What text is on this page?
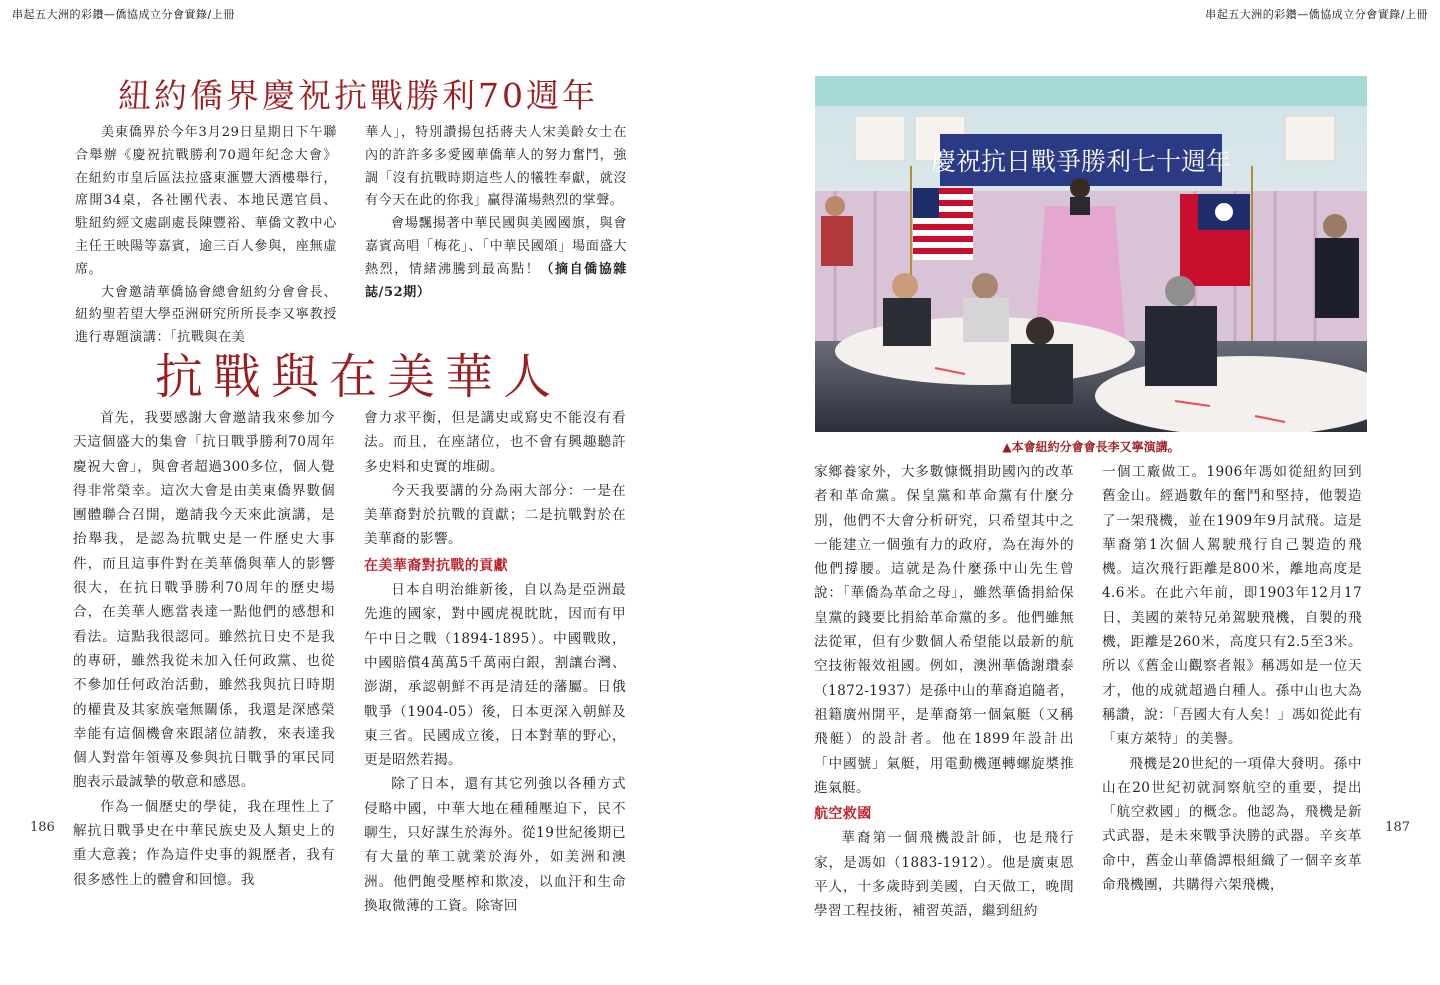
串起五大洲的彩鑽—僑協成立分會實錄/上冊
紐約僑界慶祝抗戰勝利70週年

美東僑界於今年3月29日星期日下午聯合舉辦《慶祝抗戰勝利70週年紀念大會》在紐約市皇后區法拉盛東滙豐大酒樓舉行，席開34桌，各社團代表、本地民選官員、駐紐約經文處副處長陳豐裕、華僑文教中心主任王映陽等嘉賓，逾三百人參與，座無虛席。

大會邀請華僑協會總會紐約分會會長、紐約聖若望大學亞洲研究所所長李又寧教授進行專題演講：「抗戰與在美

華人」，特別讚揚包括蔣夫人宋美齡女士在內的許許多多愛國華僑華人的努力奮鬥，強調「沒有抗戰時期這些人的犧牲奉獻，就沒有今天在此的你我」贏得滿場熱烈的掌聲。

會場飄揚著中華民國與美國國旗，與會嘉賓高唱「梅花」、「中華民國頌」場面盛大熱烈，情緒沸騰到最高點！（摘自僑協雜誌/52期）

抗戰與在美華人

首先，我要感謝大會邀請我來參加今天這個盛大的集會「抗日戰爭勝利70周年慶祝大會」，與會者超過300多位，個人覺得非常榮幸。這次大會是由美東僑界數個團體聯合召開，邀請我今天來此演講，是抬舉我，是認為抗戰史是一件歷史大事件，而且這事件對在美華僑與華人的影響很大，在抗日戰爭勝利70周年的歷史場合，在美華人應當表達一點他們的感想和看法。這點我很認同。雖然抗日史不是我的專研，雖然我從未加入任何政黨、也從不參加任何政治活動，雖然我與抗日時期的權貴及其家族毫無關係，我還是深感榮幸能有這個機會來跟諸位請教，來表達我個人對當年領導及參與抗日戰爭的軍民同胞表示最誠摯的敬意和感恩。

作為一個歷史的學徒，我在理性上了解抗日戰爭史在中華民族史及人類史上的重大意義；作為這件史事的親歷者，我有很多感性上的體會和回憶。我

會力求平衡，但是講史或寫史不能沒有看法。而且，在座諸位，也不會有興趣聽許多史料和史實的堆砌。

今天我要講的分為兩大部分：一是在美華裔對於抗戰的貢獻；二是抗戰對於在美華裔的影響。

在美華裔對抗戰的貢獻

日本自明治維新後，自以為是亞洲最先進的國家，對中國虎視眈眈，因而有甲午中日之戰（1894-1895）。中國戰敗，中國賠償4萬萬5千萬兩白銀，割讓台灣、澎湖，承認朝鮮不再是清廷的藩屬。日俄戰爭（1904-05）後，日本更深入朝鮮及東三省。民國成立後，日本對華的野心，更是昭然若揭。

除了日本，還有其它列強以各種方式侵略中國，中華大地在種種壓迫下，民不聊生，只好謀生於海外。從19世紀後期已有大量的華工就業於海外，如美洲和澳洲。他們飽受壓榨和欺凌，以血汗和生命換取微薄的工資。除寄回

186
串起五大洲的彩鑽—僑協成立分會實錄/上冊
慶祝抗日戰爭勝利七十週年
▲本會紐約分會會長李又寧演講。

家鄉養家外，大多數慷慨捐助國內的改革者和革命黨。保皇黨和革命黨有什麼分別，他們不大會分析研究，只希望其中之一能建立一個強有力的政府，為在海外的他們撐腰。這就是為什麼孫中山先生曾說：「華僑為革命之母」，雖然華僑捐給保皇黨的錢要比捐給革命黨的多。他們雖無法從軍，但有少數個人希望能以最新的航空技術報效祖國。例如，澳洲華僑謝瓚泰（1872-1937）是孫中山的華裔追隨者，祖籍廣州開平，是華裔第一個氣艇（又稱飛艇）的設計者。他在1899年設計出「中國號」氣艇，用電動機運轉螺旋槳推進氣艇。

航空救國

華裔第一個飛機設計師，也是飛行家，是馮如（1883-1912）。他是廣東恩平人，十多歲時到美國，白天做工，晚間學習工程技術，補習英語，繼到紐約

一個工廠做工。1906年馮如從紐約回到舊金山。經過數年的奮鬥和堅持，他製造了一架飛機，並在1909年9月試飛。這是華裔第1次個人駕駛飛行自己製造的飛機。這次飛行距離是800米，離地高度是4.6米。在此六年前，即1903年12月17日，美國的萊特兄弟駕駛飛機，自製的飛機，距離是260米，高度只有2.5至3米。所以《舊金山觀察者報》稱馮如是一位天才，他的成就超過白種人。孫中山也大為稱讚，說：「吾國大有人矣！」馮如從此有「東方萊特」的美譽。

飛機是20世紀的一項偉大發明。孫中山在20世紀初就洞察航空的重要，提出「航空救國」的概念。他認為，飛機是新式武器，是未來戰爭決勝的武器。辛亥革命中，舊金山華僑譚根組織了一個辛亥革命飛機團，共購得六架飛機，

187
